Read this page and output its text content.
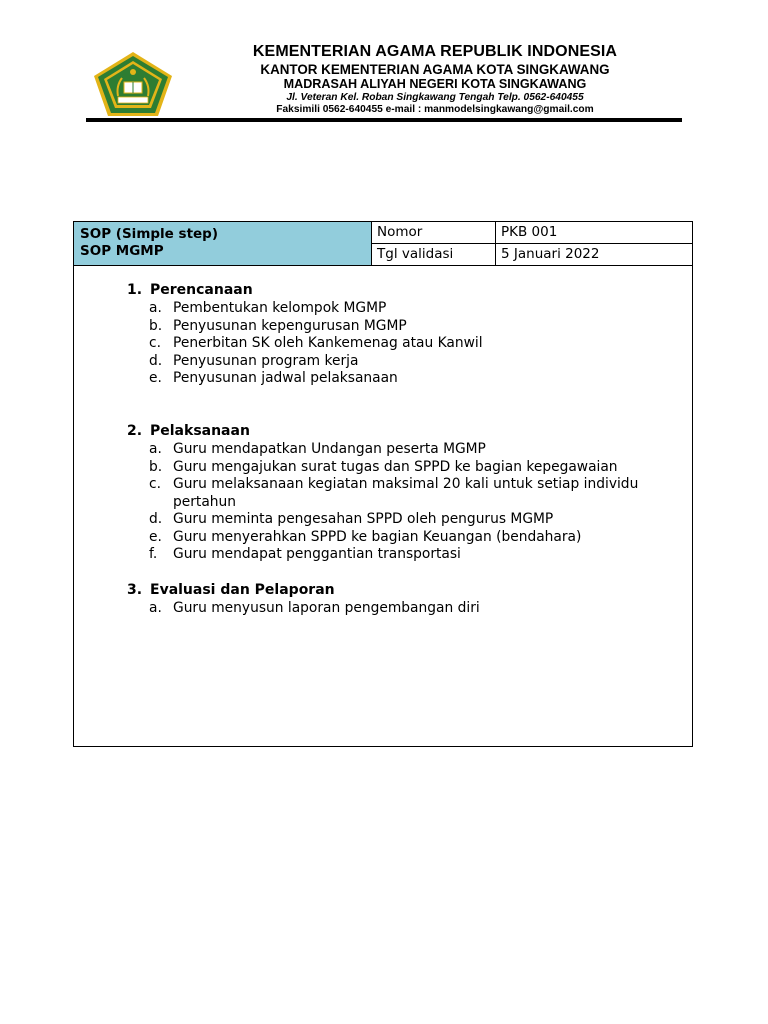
KEMENTERIAN AGAMA REPUBLIK INDONESIA
KANTOR KEMENTERIAN AGAMA KOTA SINGKAWANG
MADRASAH ALIYAH NEGERI KOTA SINGKAWANG
Jl. Veteran Kel. Roban Singkawang Tengah Telp. 0562-640455
Faksimili 0562-640455 e-mail : manmodelsingkawang@gmail.com
SOP (Simple step)
SOP MGMP
Nomor	PKB 001
Tgl validasi	5 Januari 2022
1. Perencanaan
a. Pembentukan kelompok MGMP
b. Penyusunan kepengurusan MGMP
c. Penerbitan SK oleh Kankemenag atau Kanwil
d. Penyusunan program kerja
e. Penyusunan jadwal pelaksanaan
2. Pelaksanaan
a. Guru mendapatkan Undangan peserta MGMP
b. Guru mengajukan surat tugas dan SPPD ke bagian kepegawaian
c. Guru melaksanaan kegiatan maksimal 20 kali untuk setiap individu pertahun
d. Guru meminta pengesahan SPPD oleh pengurus MGMP
e. Guru menyerahkan SPPD ke bagian Keuangan (bendahara)
f. Guru mendapat penggantian transportasi
3. Evaluasi dan Pelaporan
a. Guru menyusun laporan pengembangan diri
